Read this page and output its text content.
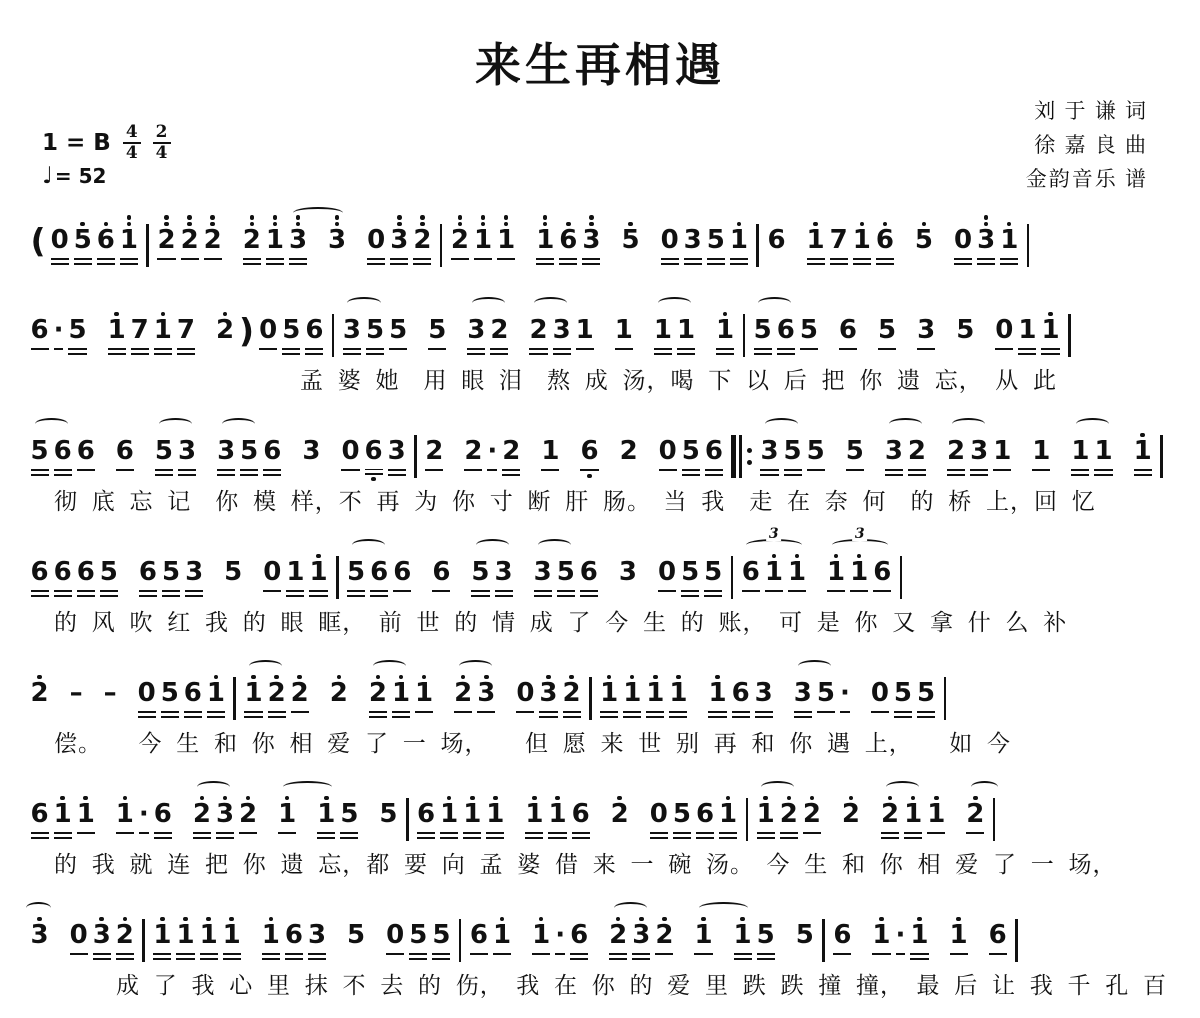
来生再相遇
刘 于 谦 词
徐 嘉 良 曲
金韵音乐 谱
1 = B $\frac{4}{4} \frac{2}{4}$
♩ = 52
( 0 5 6 1 2 2 2 2 1 3 3 0 3 2 2 1 1 1 6 3 5 0 3 5 1 6 1 7 1 6 5 0 3 1
6 · 5 1 7 1 7 2 ) 0 5 6 3 5 5 5 3 2 2 3 1 1 1 1 1 5 6 5 6 5 3 5 0 1 1
孟 婆 她　用 眼 泪　熬 成 汤，喝 下 以 后 把 你 遗 忘，　从 此
5 6 6 6 5 3 3 5 6 3 0 6 3 2 2 · 2 1 6 2 0 5 6 3 5 5 5 3 2 2 3 1 1 1 1 1
彻 底 忘 记　你 模 样，不 再 为 你 寸 断 肝 肠。　当 我　走 在 奈 何　的 桥 上，回 忆
6 6 6 5 6 5 3 5 0 1 1 5 6 6 6 5 3 3 5 6 3 0 5 5 6 1 1 1 1 6
3	3
的 风 吹 红 我 的 眼 眶，　前 世 的 情 成 了 今 生 的 账，　可 是 你 又 拿 什 么 补
2 – – 0 5 6 1 1 2 2 2 2 1 1 2 3 0 3 2 1 1 1 1 1 6 3 3 5 · 0 5 5
偿。　　今 生 和 你 相 爱 了 一 场，　　但 愿 来 世 别 再 和 你 遇 上，　　如 今
6 1 1 1 · 6 2 3 2 1 1 5 5 6 1 1 1 1 1 6 2 0 5 6 1 1 2 2 2 2 1 1 2
的 我 就 连 把 你 遗 忘，都 要 向 孟 婆 借 来 一 碗 汤。　今 生 和 你 相 爱 了 一 场，
3 0 3 2 1 1 1 1 1 6 3 5 0 5 5 6 1 1 · 6 2 3 2 1 1 5 5 6 1 · 1 1 6
成 了 我 心 里 抹 不 去 的 伤，　我 在 你 的 爱 里 跌 跌 撞 撞，　最 后 让 我 千 孔 百
